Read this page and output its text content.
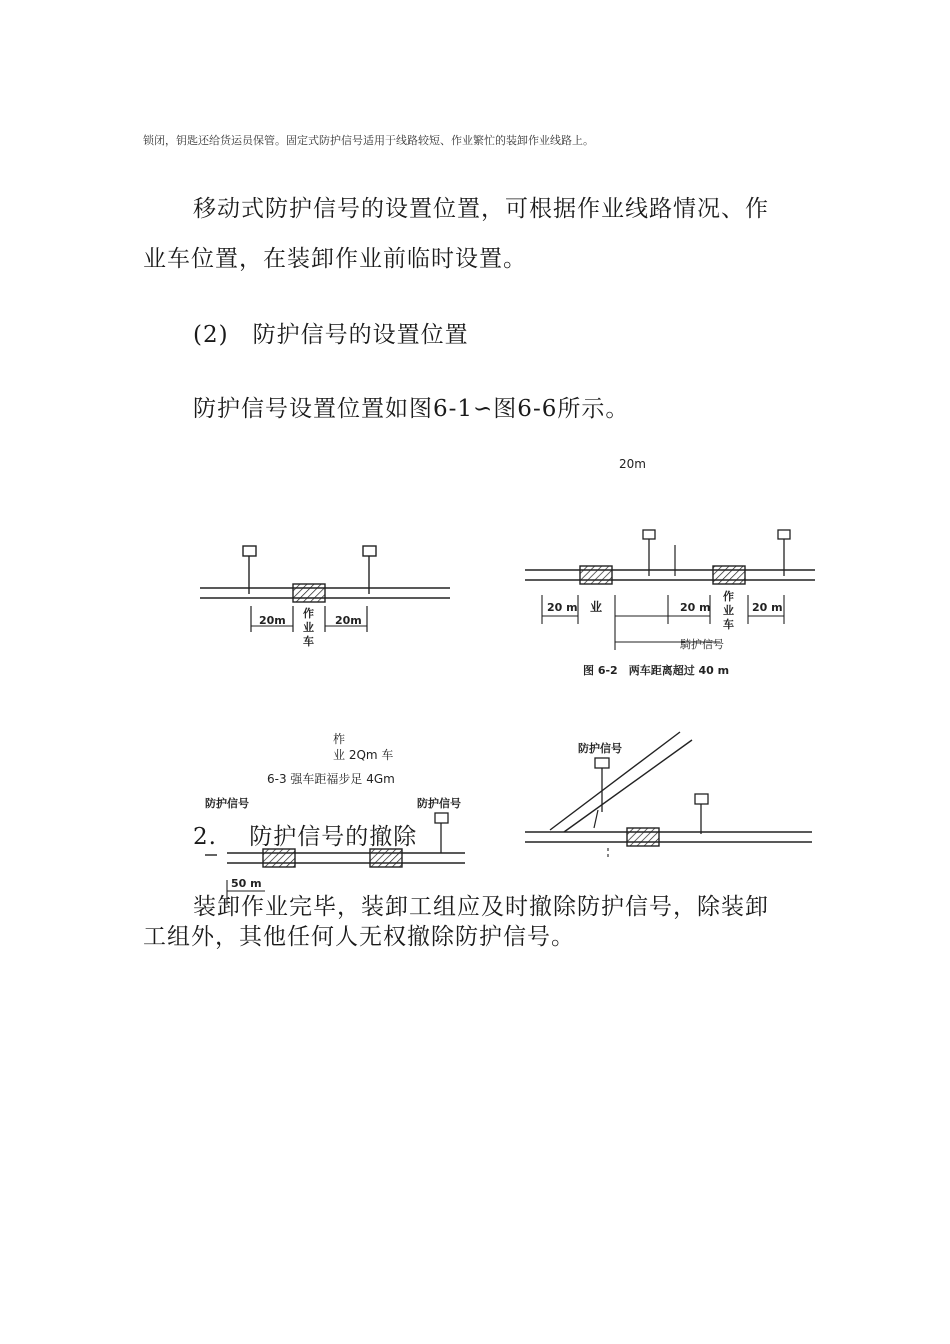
锁闭，钥匙还给货运员保管。固定式防护信号适用于线路较短、作业繁忙的装卸作业线路上。
移动式防护信号的设置位置，可根据作业线路情况、作
业车位置，在装卸作业前临时设置。
(2)　防护信号的设置位置
防护信号设置位置如图6-1∽图6-6所示。
20m
20m	20m
作
业
车
20 m 业	20 m	20 m
作
业
车
騎护信号
图 6-2　两车距离超过 40 m
柞
业 2Qm 车
6-3 强车距福步足 4Gm
防护信号	防护信号
50 m
防护信号
2.　 防护信号的撤除
装卸作业完毕，装卸工组应及时撤除防护信号，除装卸
工组外，其他任何人无权撤除防护信号。
